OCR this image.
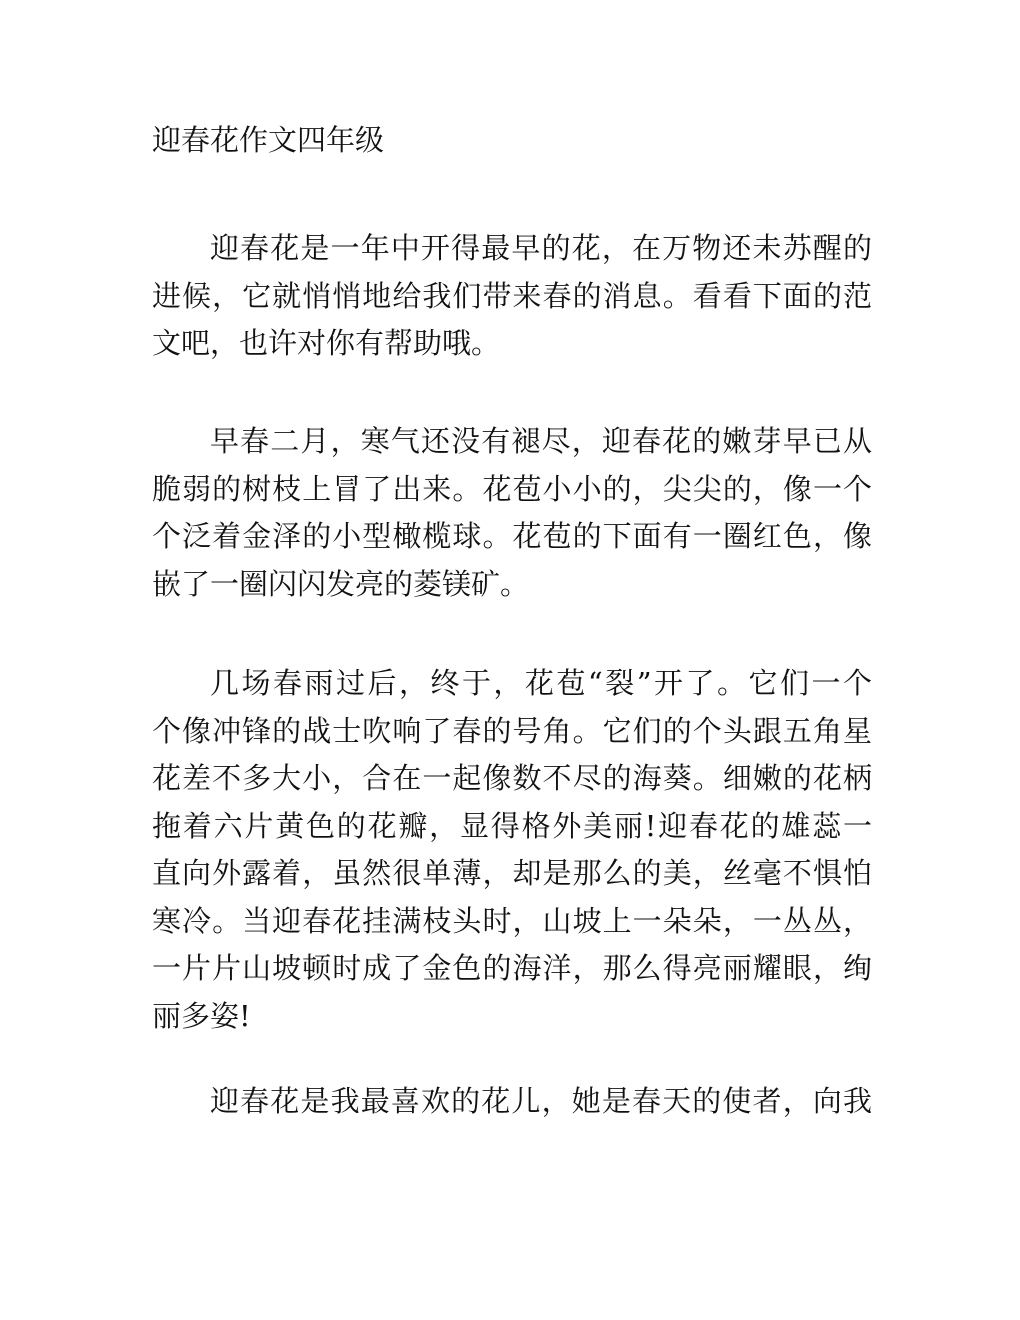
迎春花作文四年级
迎春花是一年中开得最早的花，在万物还未苏醒的
进候，它就悄悄地给我们带来春的消息。看看下面的范
文吧，也许对你有帮助哦。
早春二月，寒气还没有褪尽，迎春花的嫩芽早已从
脆弱的树枝上冒了出来。花苞小小的，尖尖的，像一个
个泛着金泽的小型橄榄球。花苞的下面有一圈红色，像
嵌了一圈闪闪发亮的菱镁矿。
几场春雨过后，终于，花苞“裂”开了。它们一个
个像冲锋的战士吹响了春的号角。它们的个头跟五角星
花差不多大小，合在一起像数不尽的海葵。细嫩的花柄
拖着六片黄色的花瓣，显得格外美丽!迎春花的雄蕊一
直向外露着，虽然很单薄，却是那么的美，丝毫不惧怕
寒冷。当迎春花挂满枝头时，山坡上一朵朵，一丛丛，
一片片山坡顿时成了金色的海洋，那么得亮丽耀眼，绚
丽多姿!
迎春花是我最喜欢的花儿，她是春天的使者，向我
